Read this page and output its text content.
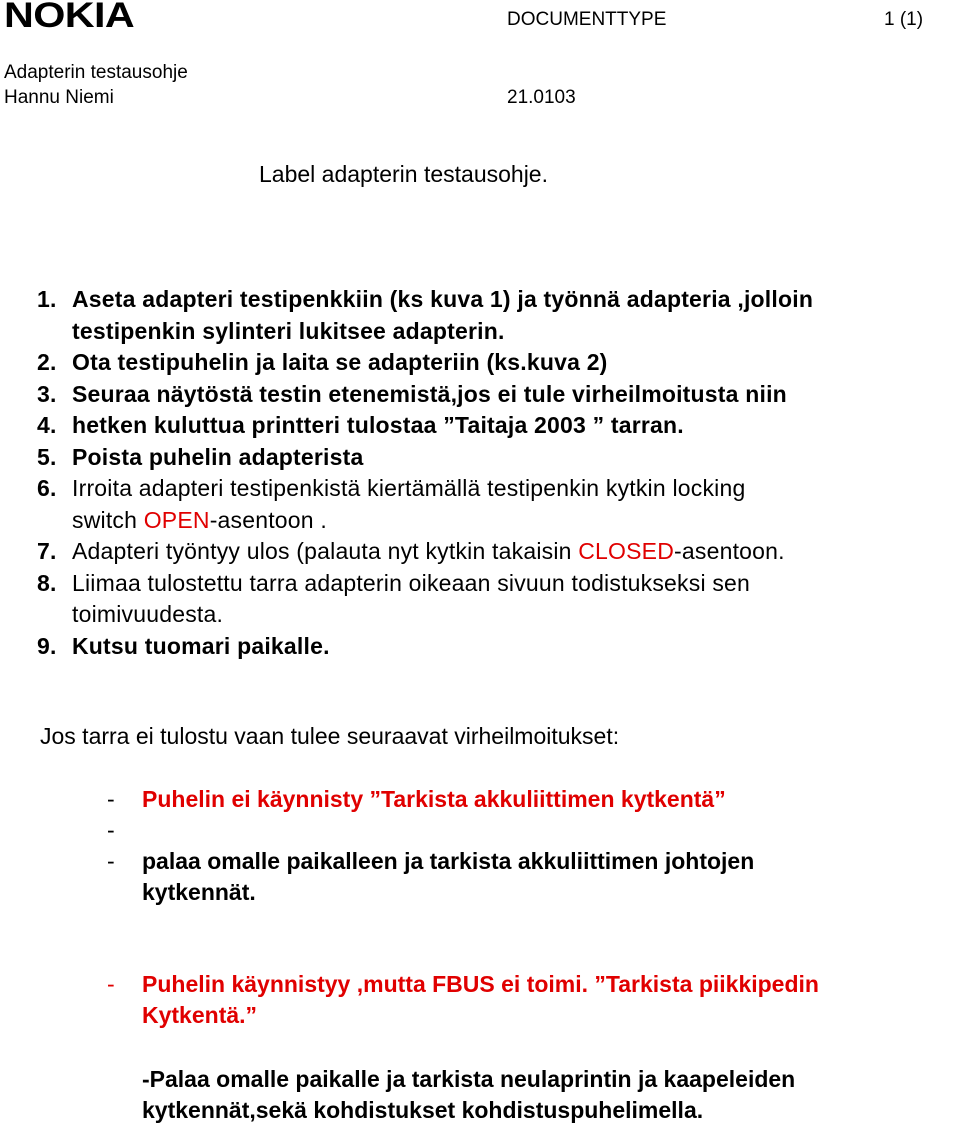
NOKIA	DOCUMENTTYPE	1 (1)
Adapterin testausohje
Hannu Niemi	21.0103
Label adapterin testausohje.
1. Aseta adapteri testipenkkiin (ks kuva 1) ja työnnä adapteria ,jolloin
testipenkin sylinteri lukitsee adapterin.
2. Ota testipuhelin ja laita se adapteriin (ks.kuva 2)
3. Seuraa näytöstä testin etenemistä,jos ei tule virheilmoitusta niin
4. hetken kuluttua printteri tulostaa ”Taitaja 2003 ” tarran.
5. Poista puhelin adapterista
6. Irroita adapteri testipenkistä kiertämällä testipenkin kytkin locking
switch OPEN-asentoon .
7. Adapteri työntyy ulos (palauta nyt kytkin takaisin CLOSED-asentoon.
8. Liimaa tulostettu tarra adapterin oikeaan sivuun todistukseksi sen
toimivuudesta.
9. Kutsu tuomari paikalle.
Jos tarra ei tulostu vaan tulee seuraavat virheilmoitukset:
-	Puhelin ei käynnisty ”Tarkista akkuliittimen kytkentä”
-
-	palaa omalle paikalleen ja tarkista akkuliittimen johtojen
kytkennät.
-	Puhelin käynnistyy ,mutta FBUS ei toimi. ”Tarkista piikkipedin
Kytkentä.”
-Palaa omalle paikalle ja tarkista neulaprintin ja kaapeleiden
kytkennät,sekä kohdistukset kohdistuspuhelimella.
